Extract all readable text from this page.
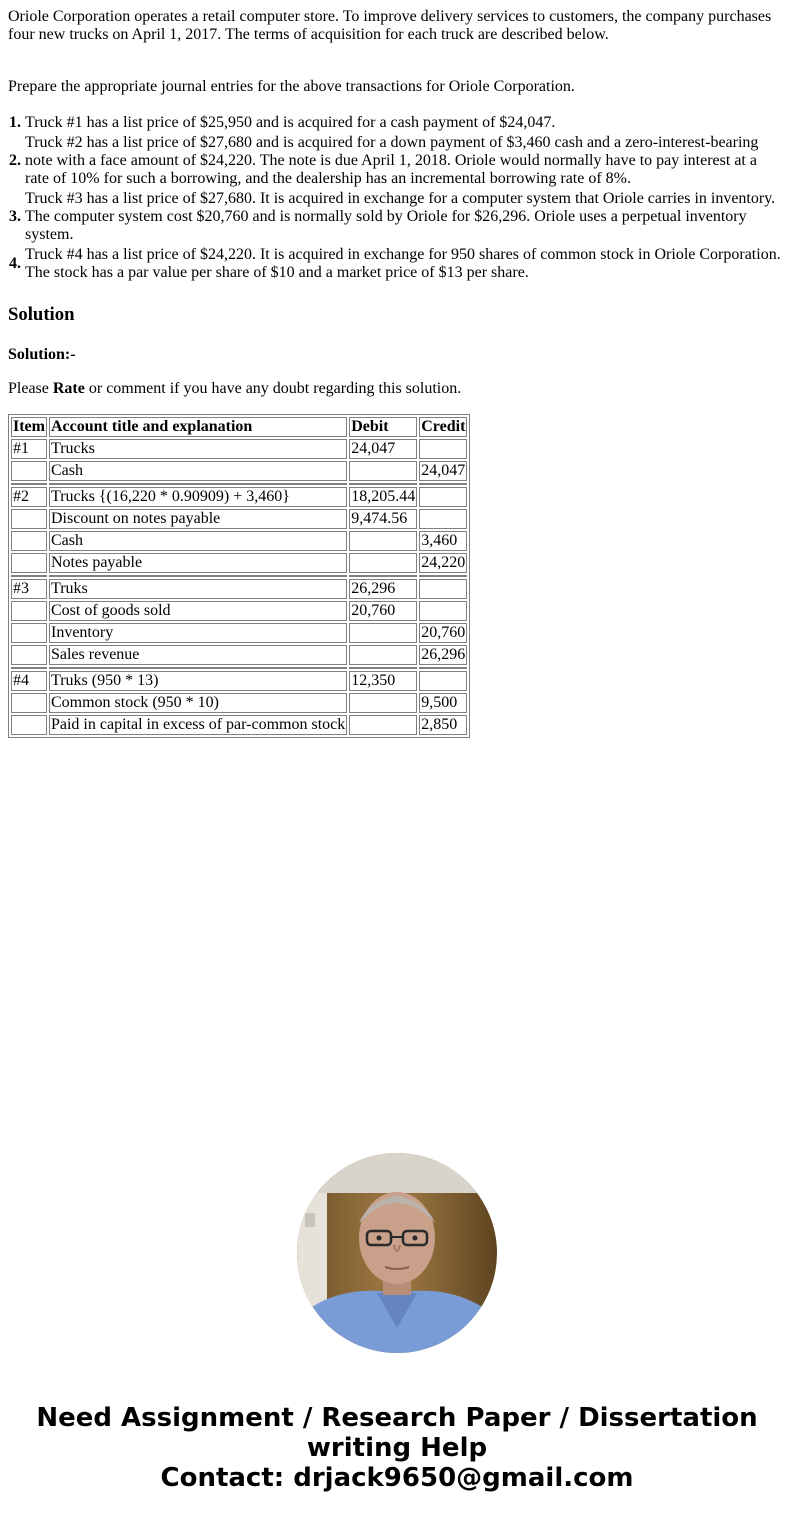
Oriole Corporation operates a retail computer store. To improve delivery services to customers, the company purchases four new trucks on April 1, 2017. The terms of acquisition for each truck are described below.

Prepare the appropriate journal entries for the above transactions for Oriole Corporation.

1.	Truck #1 has a list price of $25,950 and is acquired for a cash payment of $24,047.
2.	Truck #2 has a list price of $27,680 and is acquired for a down payment of $3,460 cash and a zero-interest-bearing note with a face amount of $24,220. The note is due April 1, 2018. Oriole would normally have to pay interest at a rate of 10% for such a borrowing, and the dealership has an incremental borrowing rate of 8%.
3.	Truck #3 has a list price of $27,680. It is acquired in exchange for a computer system that Oriole carries in inventory. The computer system cost $20,760 and is normally sold by Oriole for $26,296. Oriole uses a perpetual inventory system.
4.	Truck #4 has a list price of $24,220. It is acquired in exchange for 950 shares of common stock in Oriole Corporation. The stock has a par value per share of $10 and a market price of $13 per share.
Solution

Solution:-

Please Rate or comment if you have any doubt regarding this solution.

Item	Account title and explanation	Debit	Credit
#1	Trucks	24,047	
	Cash		24,047

#2	Trucks {(16,220 * 0.90909) + 3,460}	18,205.44	
	Discount on notes payable	9,474.56	
	Cash		3,460
	Notes payable		24,220

#3	Truks	26,296	
	Cost of goods sold	20,760	
	Inventory		20,760
	Sales revenue		26,296

#4	Truks (950 * 13)	12,350	
	Common stock (950 * 10)		9,500
	Paid in capital in excess of par-common stock		2,850
Need Assignment / Research Paper / Dissertation
writing Help
Contact: drjack9650@gmail.com
